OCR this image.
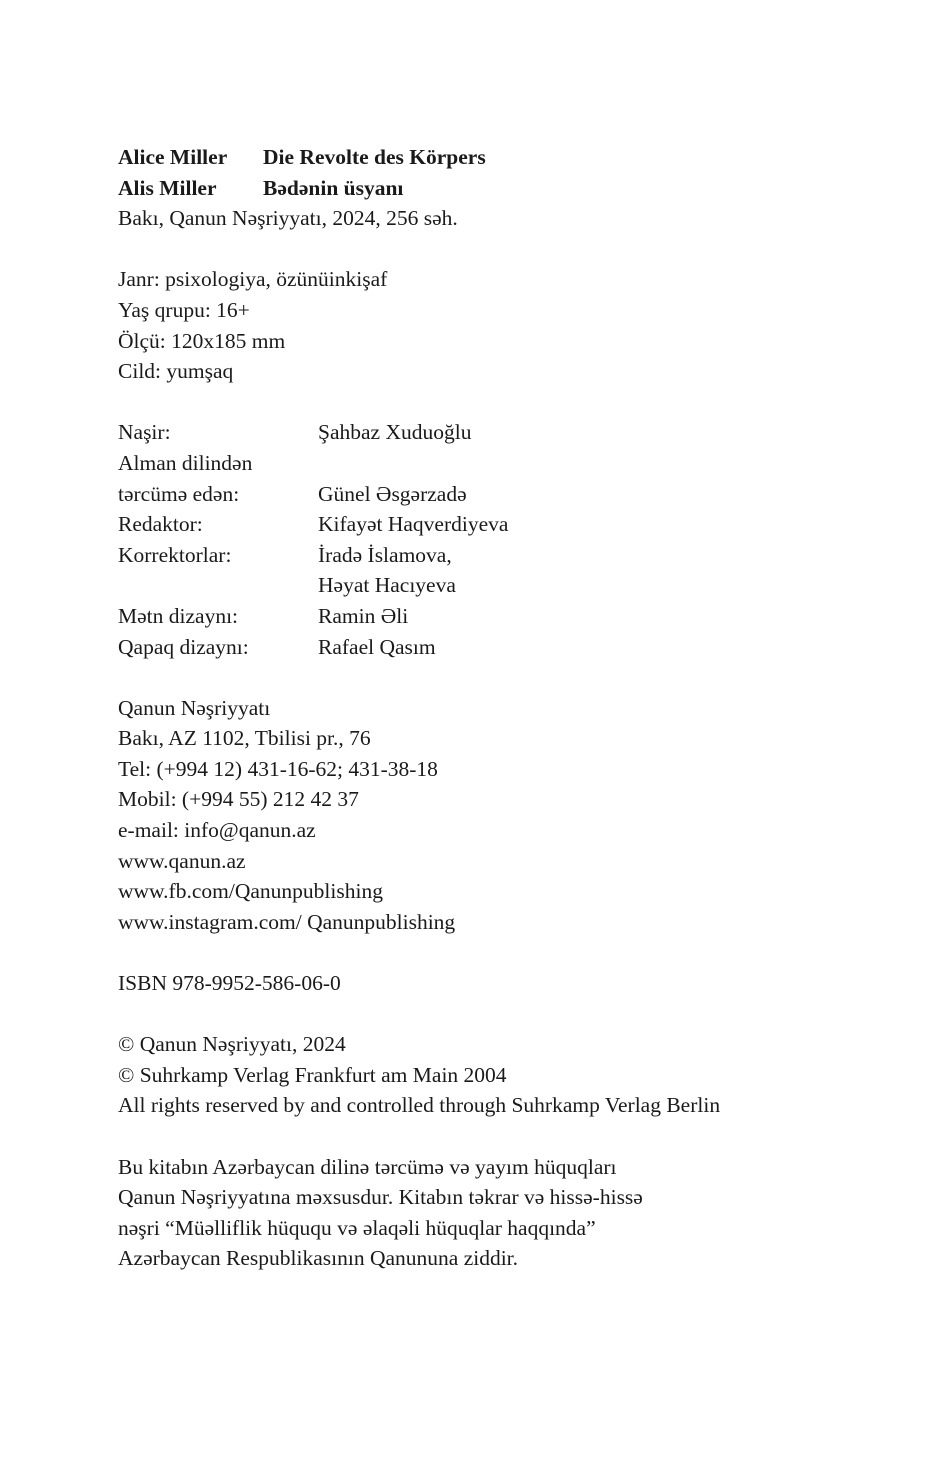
Alice Miller	Die Revolte des Körpers
Alis Miller	Bədənin üsyanı
Bakı, Qanun Nəşriyyatı, 2024, 256 səh.
Janr: psixologiya, özünüinkişaf
Yaş qrupu: 16+
Ölçü: 120x185 mm
Cild: yumşaq
Naşir:	Şahbaz Xuduoğlu
Alman dilindən
tərcümə edən:	Günel Əsgərzadə
Redaktor:	Kifayət Haqverdiyeva
Korrektorlar:	İradə İslamova,
Həyat Hacıyeva
Mətn dizaynı:	Ramin Əli
Qapaq dizaynı:	Rafael Qasım
Qanun Nəşriyyatı
Bakı, AZ 1102, Tbilisi pr., 76
Tel: (+994 12) 431-16-62; 431-38-18
Mobil: (+994 55) 212 42 37
e-mail: info@qanun.az
www.qanun.az
www.fb.com/Qanunpublishing
www.instagram.com/ Qanunpublishing
ISBN 978-9952-586-06-0
© Qanun Nəşriyyatı, 2024
© Suhrkamp Verlag Frankfurt am Main 2004
All rights reserved by and controlled through Suhrkamp Verlag Berlin
Bu kitabın Azərbaycan dilinə tərcümə və yayım hüquqları
Qanun Nəşriyyatına məxsusdur. Kitabın təkrar və hissə-hissə
nəşri “Müəlliflik hüququ və əlaqəli hüquqlar haqqında”
Azərbaycan Respublikasının Qanununa ziddir.
